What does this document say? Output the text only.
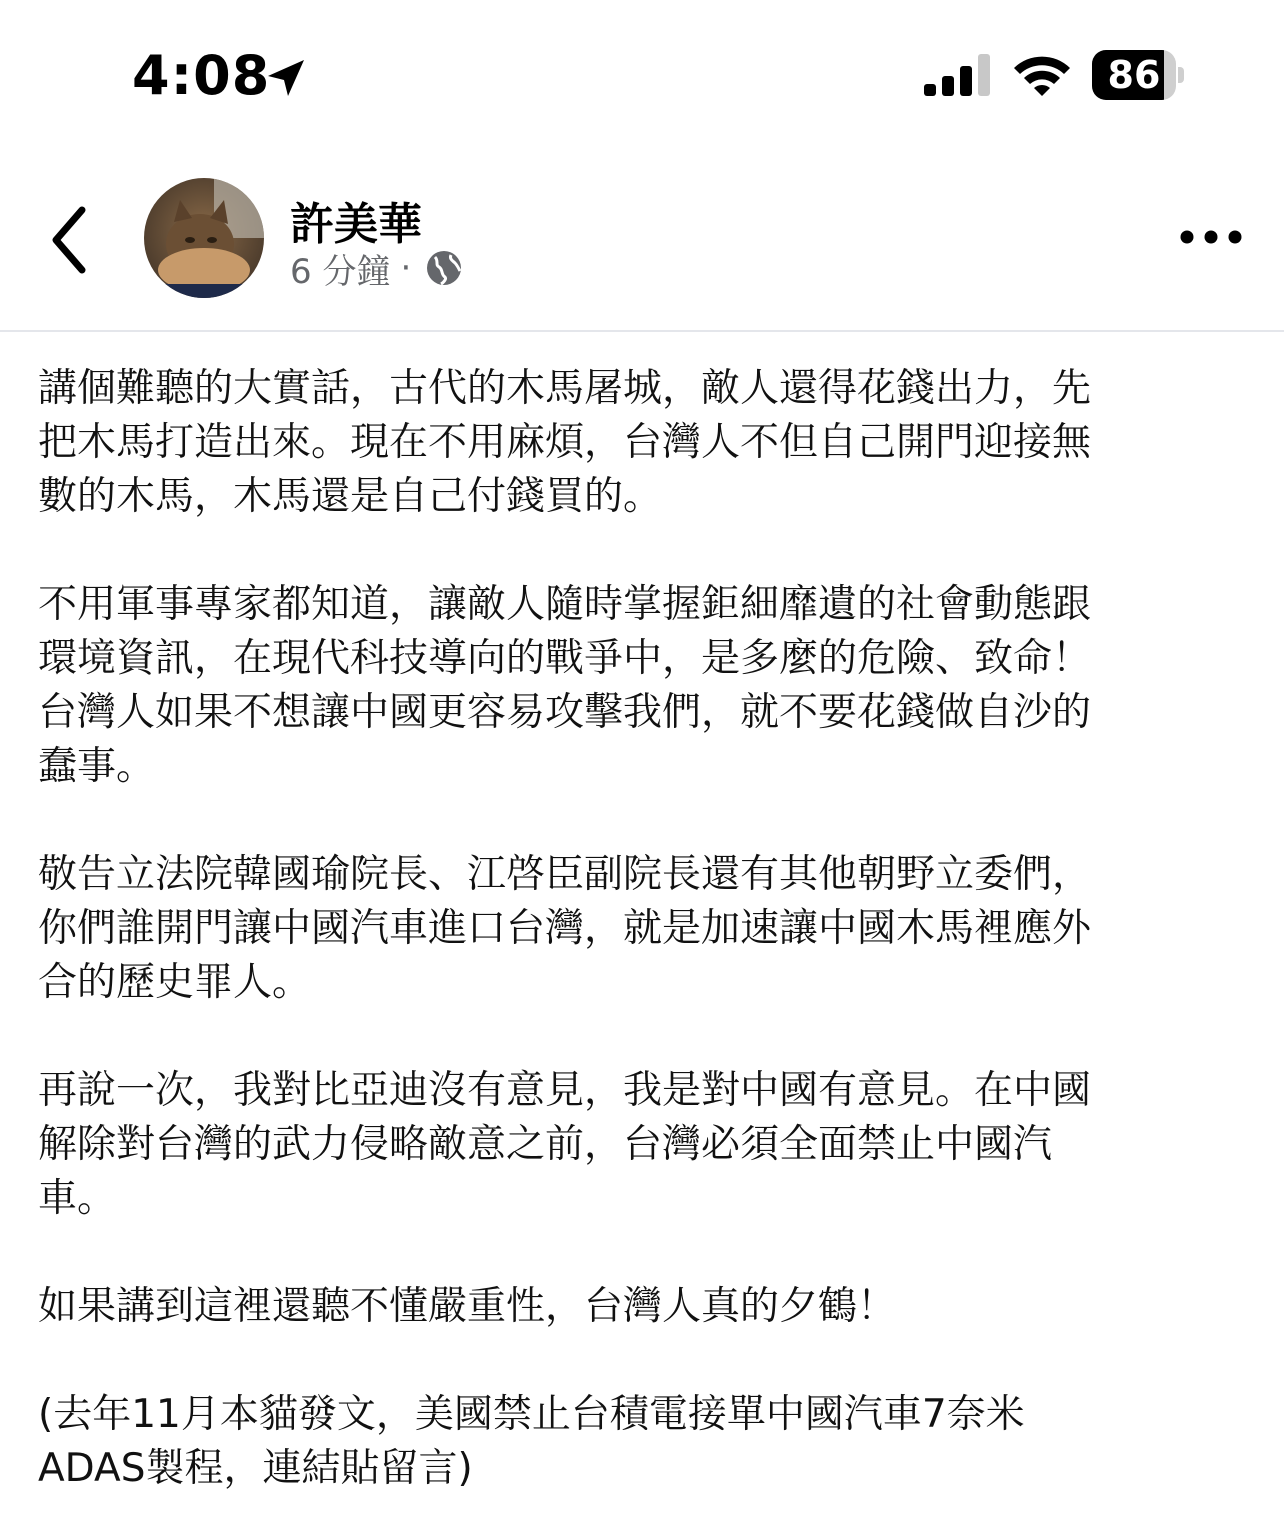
4:08	86
許美華
6 分鐘 ·

講個難聽的大實話，古代的木馬屠城，敵人還得花錢出力，先
把木馬打造出來。現在不用麻煩，台灣人不但自己開門迎接無
數的木馬，木馬還是自己付錢買的。

不用軍事專家都知道，讓敵人隨時掌握鉅細靡遺的社會動態跟
環境資訊，在現代科技導向的戰爭中，是多麼的危險、致命！
台灣人如果不想讓中國更容易攻擊我們，就不要花錢做自沙的
蠢事。

敬告立法院韓國瑜院長、江啓臣副院長還有其他朝野立委們，
你們誰開門讓中國汽車進口台灣，就是加速讓中國木馬裡應外
合的歷史罪人。

再說一次，我對比亞迪沒有意見，我是對中國有意見。在中國
解除對台灣的武力侵略敵意之前，台灣必須全面禁止中國汽
車。

如果講到這裡還聽不懂嚴重性，台灣人真的夕鶴！

(去年11月本貓發文，美國禁止台積電接單中國汽車7奈米
ADAS製程，連結貼留言)
